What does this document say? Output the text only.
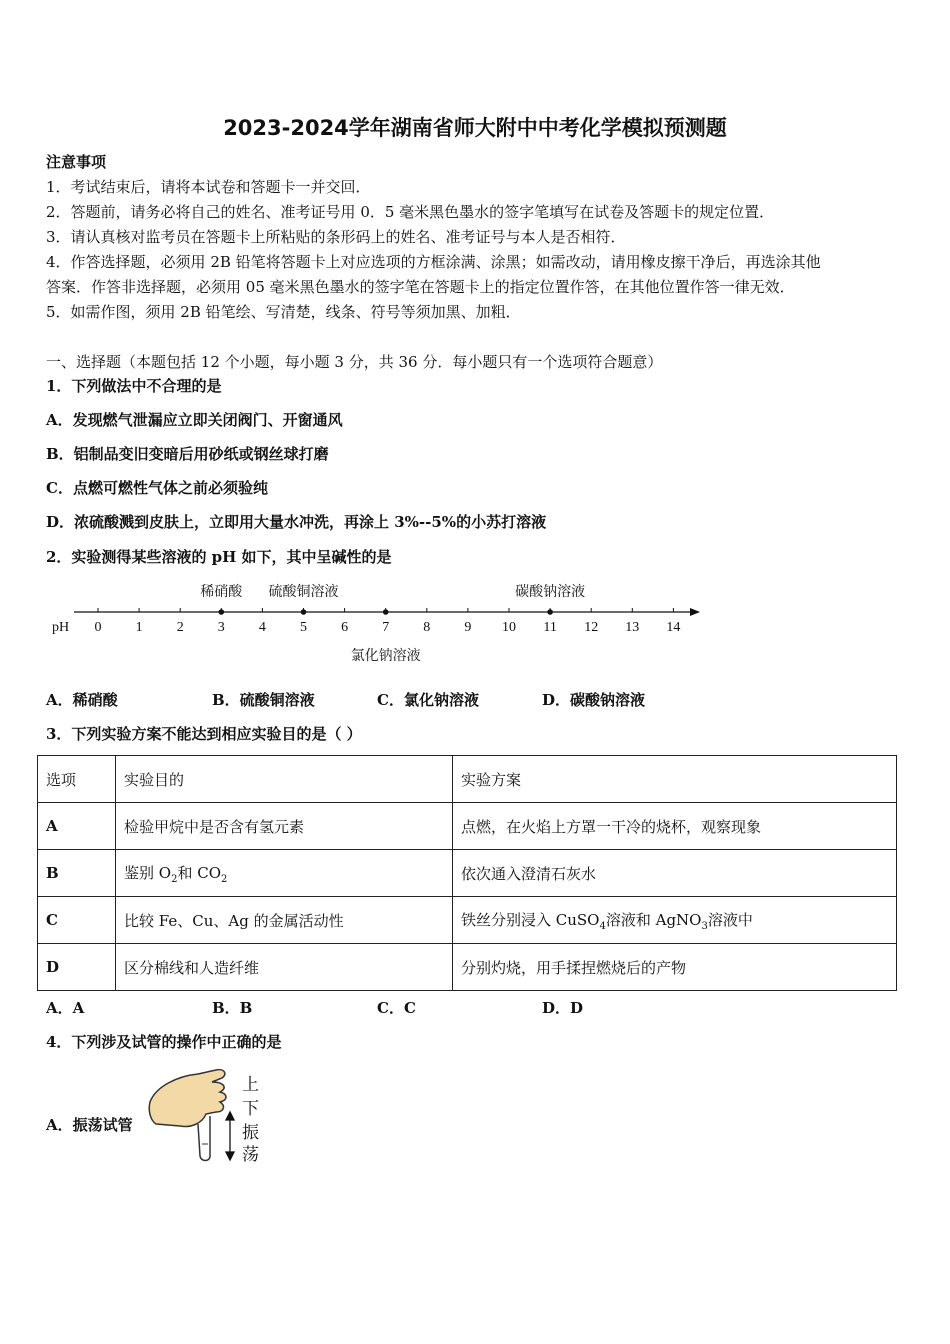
2023-2024学年湖南省师大附中中考化学模拟预测题
注意事项
1．考试结束后，请将本试卷和答题卡一并交回．
2．答题前，请务必将自己的姓名、准考证号用 0．5 毫米黑色墨水的签字笔填写在试卷及答题卡的规定位置．
3．请认真核对监考员在答题卡上所粘贴的条形码上的姓名、准考证号与本人是否相符．
4．作答选择题，必须用 2B 铅笔将答题卡上对应选项的方框涂满、涂黑；如需改动，请用橡皮擦干净后，再选涂其他
答案．作答非选择题，必须用 05 毫米黑色墨水的签字笔在答题卡上的指定位置作答，在其他位置作答一律无效．
5．如需作图，须用 2B 铅笔绘、写清楚，线条、符号等须加黑、加粗．
一、选择题（本题包括 12 个小题，每小题 3 分，共 36 分．每小题只有一个选项符合题意）
1．下列做法中不合理的是
A．发现燃气泄漏应立即关闭阀门、开窗通风
B．铝制品变旧变暗后用砂纸或钢丝球打磨
C．点燃可燃性气体之前必须验纯
D．浓硫酸溅到皮肤上，立即用大量水冲洗，再涂上 3%--5%的小苏打溶液
2．实验测得某些溶液的 pH 如下，其中呈碱性的是
pH 0 1 2 3 4 5 6 7 8 9 10 11 12 13 14
稀硝酸 硫酸铜溶液
氯化钠溶液
碳酸钠溶液
A．稀硝酸	B．硫酸铜溶液	C．氯化钠溶液	D．碳酸钠溶液
3．下列实验方案不能达到相应实验目的是（ ）
选项	实验目的	实验方案
A	检验甲烷中是否含有氢元素	点燃，在火焰上方罩一干冷的烧杯，观察现象
B	鉴别 $O_2$和 $CO_2$	依次通入澄清石灰水
C	比较 Fe、Cu、Ag 的金属活动性	铁丝分别浸入 CuSO$_4$溶液和 AgNO$_3$溶液中
D	区分棉线和人造纤维	分别灼烧，用手揉捏燃烧后的产物
A．A	B．B	C．C	D．D
4．下列涉及试管的操作中正确的是
A．振荡试管
上
下
振
荡
